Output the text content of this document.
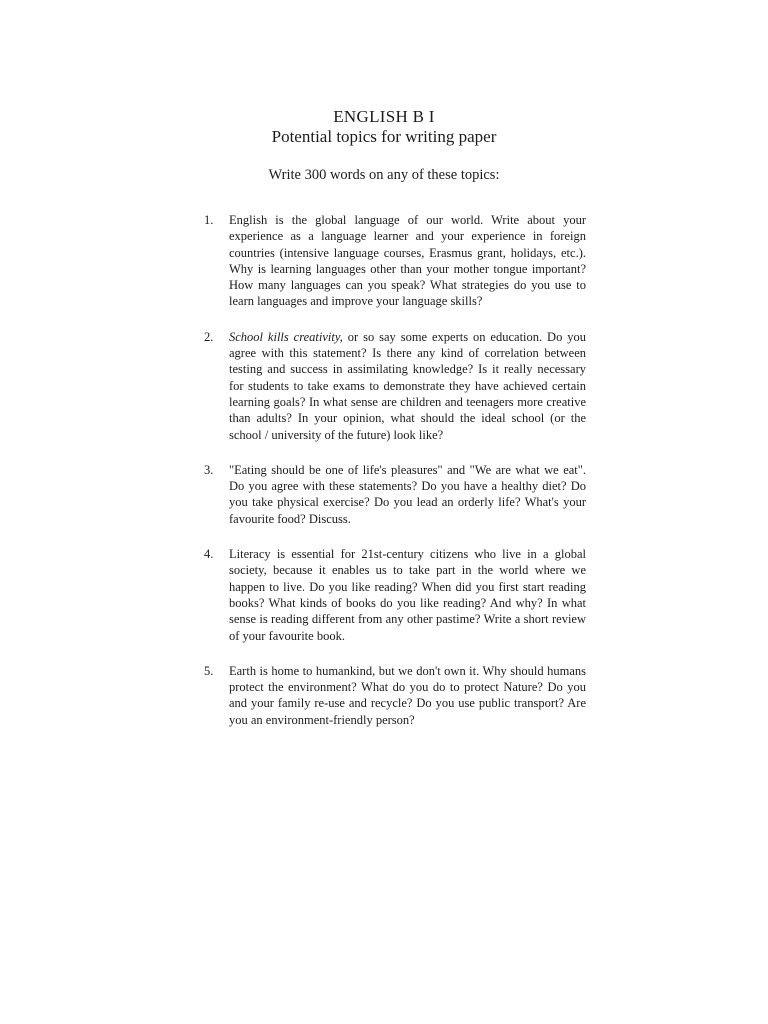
ENGLISH B I
Potential topics for writing paper
Write 300 words on any of these topics:
1. English is the global language of our world. Write about your experience as a language learner and your experience in foreign countries (intensive language courses, Erasmus grant, holidays, etc.). Why is learning languages other than your mother tongue important? How many languages can you speak? What strategies do you use to learn languages and improve your language skills?
2. School kills creativity, or so say some experts on education. Do you agree with this statement? Is there any kind of correlation between testing and success in assimilating knowledge? Is it really necessary for students to take exams to demonstrate they have achieved certain learning goals? In what sense are children and teenagers more creative than adults? In your opinion, what should the ideal school (or the school / university of the future) look like?
3. "Eating should be one of life's pleasures" and "We are what we eat". Do you agree with these statements? Do you have a healthy diet? Do you take physical exercise? Do you lead an orderly life? What's your favourite food? Discuss.
4. Literacy is essential for 21st-century citizens who live in a global society, because it enables us to take part in the world where we happen to live. Do you like reading? When did you first start reading books? What kinds of books do you like reading? And why? In what sense is reading different from any other pastime? Write a short review of your favourite book.
5. Earth is home to humankind, but we don't own it. Why should humans protect the environment? What do you do to protect Nature? Do you and your family re-use and recycle? Do you use public transport? Are you an environment-friendly person?
